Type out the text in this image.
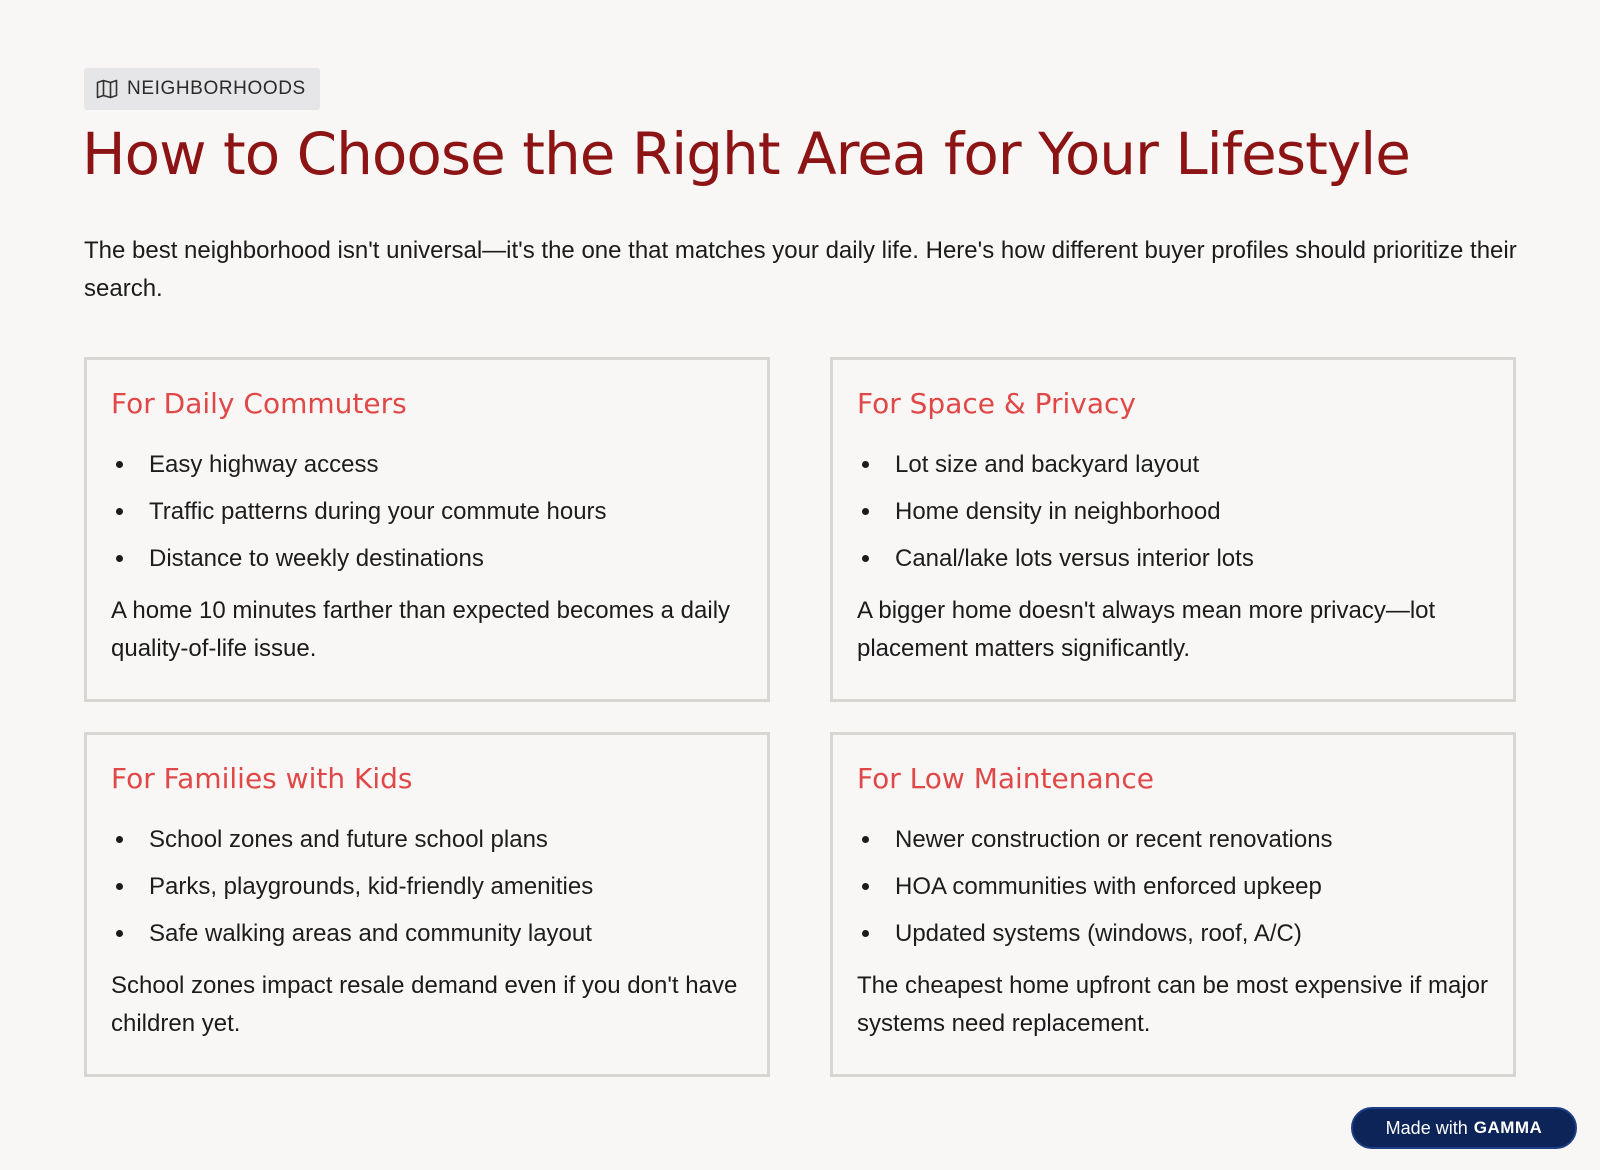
NEIGHBORHOODS
How to Choose the Right Area for Your Lifestyle

The best neighborhood isn't universal—it's the one that matches your daily life. Here's how different buyer profiles should prioritize their search.

For Daily Commuters
Easy highway access
Traffic patterns during your commute hours
Distance to weekly destinations

A home 10 minutes farther than expected becomes a daily quality-of-life issue.

For Space & Privacy
Lot size and backyard layout
Home density in neighborhood
Canal/lake lots versus interior lots

A bigger home doesn't always mean more privacy—lot placement matters significantly.

For Families with Kids
School zones and future school plans
Parks, playgrounds, kid-friendly amenities
Safe walking areas and community layout

School zones impact resale demand even if you don't have children yet.

For Low Maintenance
Newer construction or recent renovations
HOA communities with enforced upkeep
Updated systems (windows, roof, A/C)

The cheapest home upfront can be most expensive if major systems need replacement.

Made with GAMMA
